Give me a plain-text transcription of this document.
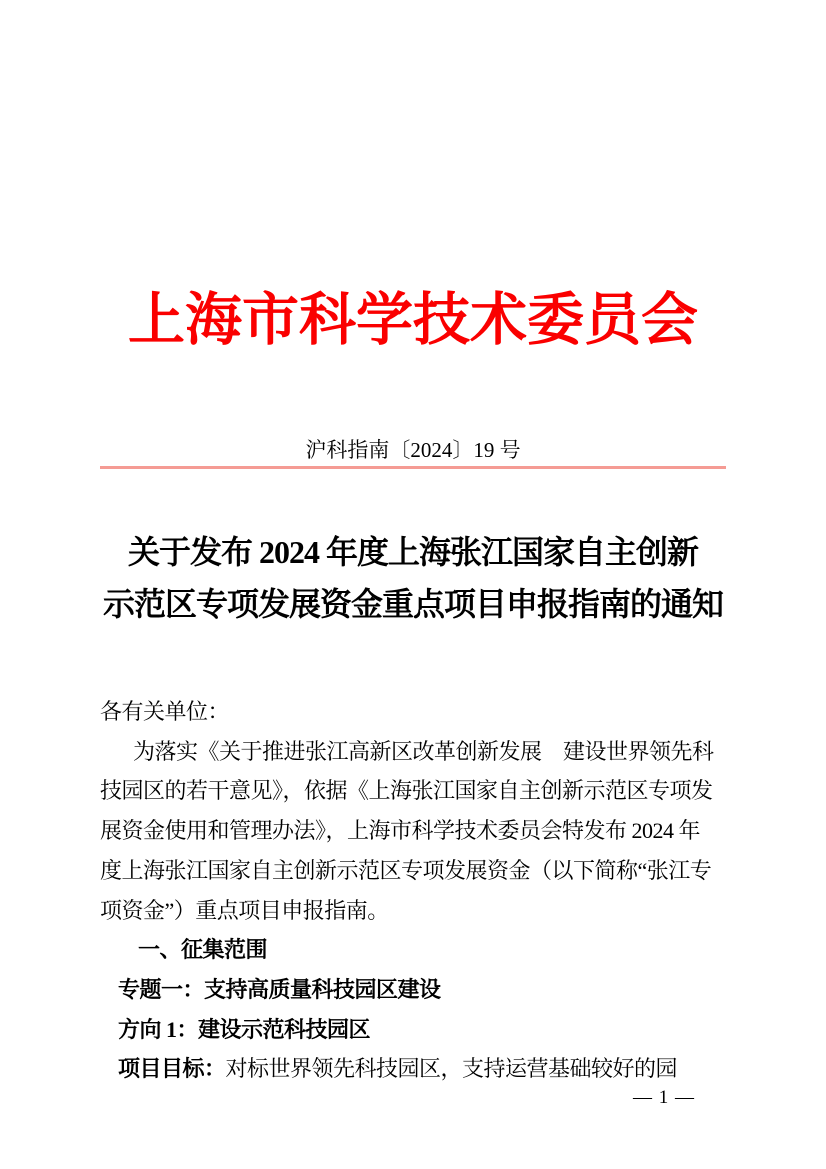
上海市科学技术委员会
沪科指南〔2024〕19 号
关于发布 2024 年度上海张江国家自主创新
示范区专项发展资金重点项目申报指南的通知
各有关单位：
为落实《关于推进张江高新区改革创新发展　建设世界领先科
技园区的若干意见》，依据《上海张江国家自主创新示范区专项发
展资金使用和管理办法》，上海市科学技术委员会特发布 2024 年
度上海张江国家自主创新示范区专项发展资金（以下简称“张江专
项资金”）重点项目申报指南。
一、征集范围
专题一：支持高质量科技园区建设
方向 1：建设示范科技园区
项目目标：对标世界领先科技园区，支持运营基础较好的园
— 1 —
